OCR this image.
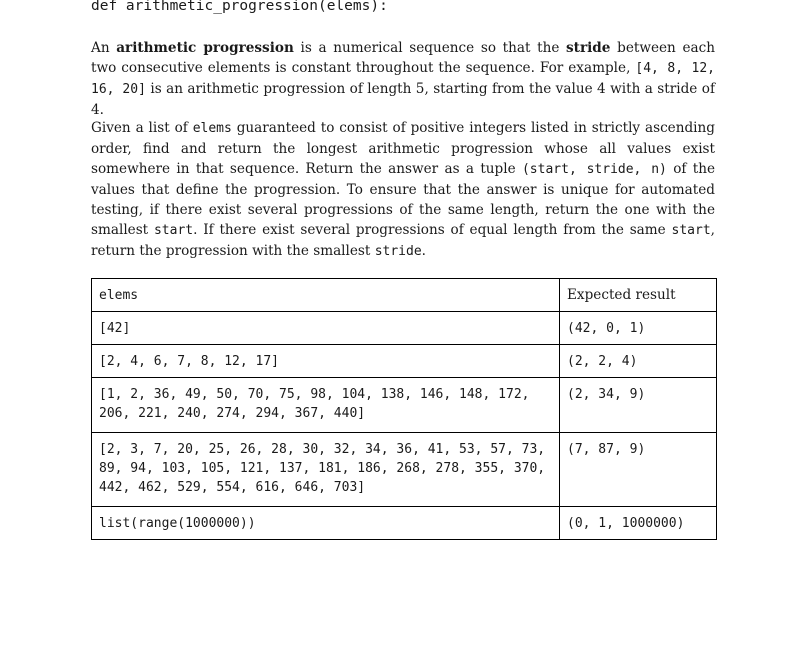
def arithmetic_progression(elems):

An arithmetic progression is a numerical sequence so that the stride between each two consecutive elements is constant throughout the sequence. For example, [4, 8, 12, 16, 20] is an arithmetic progression of length 5, starting from the value 4 with a stride of 4.

Given a list of elems guaranteed to consist of positive integers listed in strictly ascending order, find and return the longest arithmetic progression whose all values exist somewhere in that sequence. Return the answer as a tuple (start, stride, n) of the values that define the progression. To ensure that the answer is unique for automated testing, if there exist several progressions of the same length, return the one with the smallest start. If there exist several progressions of equal length from the same start, return the progression with the smallest stride.

elems	Expected result
[42]	(42, 0, 1)
[2, 4, 6, 7, 8, 12, 17]	(2, 2, 4)
[1, 2, 36, 49, 50, 70, 75, 98, 104, 138, 146, 148, 172, 206, 221, 240, 274, 294, 367, 440]	(2, 34, 9)
[2, 3, 7, 20, 25, 26, 28, 30, 32, 34, 36, 41, 53, 57, 73, 89, 94, 103, 105, 121, 137, 181, 186, 268, 278, 355, 370, 442, 462, 529, 554, 616, 646, 703]	(7, 87, 9)
list(range(1000000))	(0, 1, 1000000)
